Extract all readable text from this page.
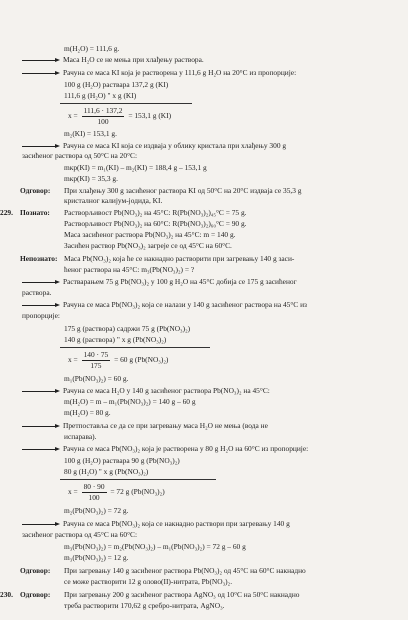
m(H₂O) = 111,6 g.
Маса H₂O се не мења при хлађењу раствора.
Рачуна се маса KI која је растворена у 111,6 g H₂O на 20°C из пропорције:
100 g (H₂O) раствара 137,2 g (KI)
111,6 g (H₂O) " x g (KI)
$x = \frac{111,6 \cdot 137,2}{100} = 153,1$ g (KI)
m₂(KI) = 153,1 g.
Рачуна се маса KI која се издваја у облику кристала при хлађењу 300 g
засићеног раствора од 50°C на 20°C:
mкр(KI) = m₁(KI) – m₂(KI) = 188,4 g – 153,1 g
mкр(KI) = 35,3 g.
Одговор: При хлађењу 300 g засићеног раствора KI од 50°C на 20°C издваја се 35,3 g
кристалног калијум-јодида, KI.
229. Познато: Растворљивост Pb(NO₃)₂ на 45°C: R(Pb(NO₃)₂)₄₅°C = 75 g.
Растворљивост Pb(NO₃)₂ на 60°C: R(Pb(NO₃)₂)₆₀°C = 90 g.
Маса засићеног раствора Pb(NO₃)₂ на 45°C: m = 140 g.
Засићен раствор Pb(NO₃)₂ загреје се од 45°C на 60°C.
Непознато: Маса Pb(NO₃)₂ која ће се накнадно растворити при загревању 140 g заси-
ћеног раствора на 45°C: m₃(Pb(NO₃)₂) = ?
Растварањем 75 g Pb(NO₃)₂ у 100 g H₂O на 45°C добија се 175 g засићеног
раствора.
Рачуна се маса Pb(NO₃)₂ која се налази у 140 g засићеног раствора на 45°C из
пропорције:
175 g (раствора) садржи 75 g (Pb(NO₃)₂)
140 g (раствора) " x g (Pb(NO₃)₂)
$x = \frac{140 \cdot 75}{175} = 60$ g (Pb(NO₃)₂)
m₁(Pb(NO₃)₂) = 60 g.
Рачуна се маса H₂O у 140 g засићеног раствора Pb(NO₃)₂ на 45°C:
m(H₂O) = m – m₁(Pb(NO₃)₂) = 140 g – 60 g
m(H₂O) = 80 g.
Претпоставља се да се при загревању маса H₂O не мења (вода не
испарава).
Рачуна се маса Pb(NO₃)₂ која је растворена у 80 g H₂O на 60°C из пропорције:
100 g (H₂O) раствара 90 g (Pb(NO₃)₂)
80 g (H₂O) " x g (Pb(NO₃)₂)
$x = \frac{80 \cdot 90}{100} = 72$ g (Pb(NO₃)₂)
m₂(Pb(NO₃)₂) = 72 g.
Рачуна се маса Pb(NO₃)₂ која се накнадно раствори при загревању 140 g
засићеног раствора од 45°C на 60°C:
m₃(Pb(NO₃)₂) = m₂(Pb(NO₃)₂) – m₁(Pb(NO₃)₂) = 72 g – 60 g
m₃(Pb(NO₃)₂) = 12 g.
Одговор: При загревању 140 g засићеног раствора Pb(NO₃)₂ од 45°C на 60°C накнадно
се може растворити 12 g олово(II)-нитрата, Pb(NO₃)₂.
230. Одговор: При загревању 200 g засићеног раствора AgNO₃ од 10°C на 50°C накнадно
треба растворити 170,62 g сребро-нитрата, AgNO₃.
